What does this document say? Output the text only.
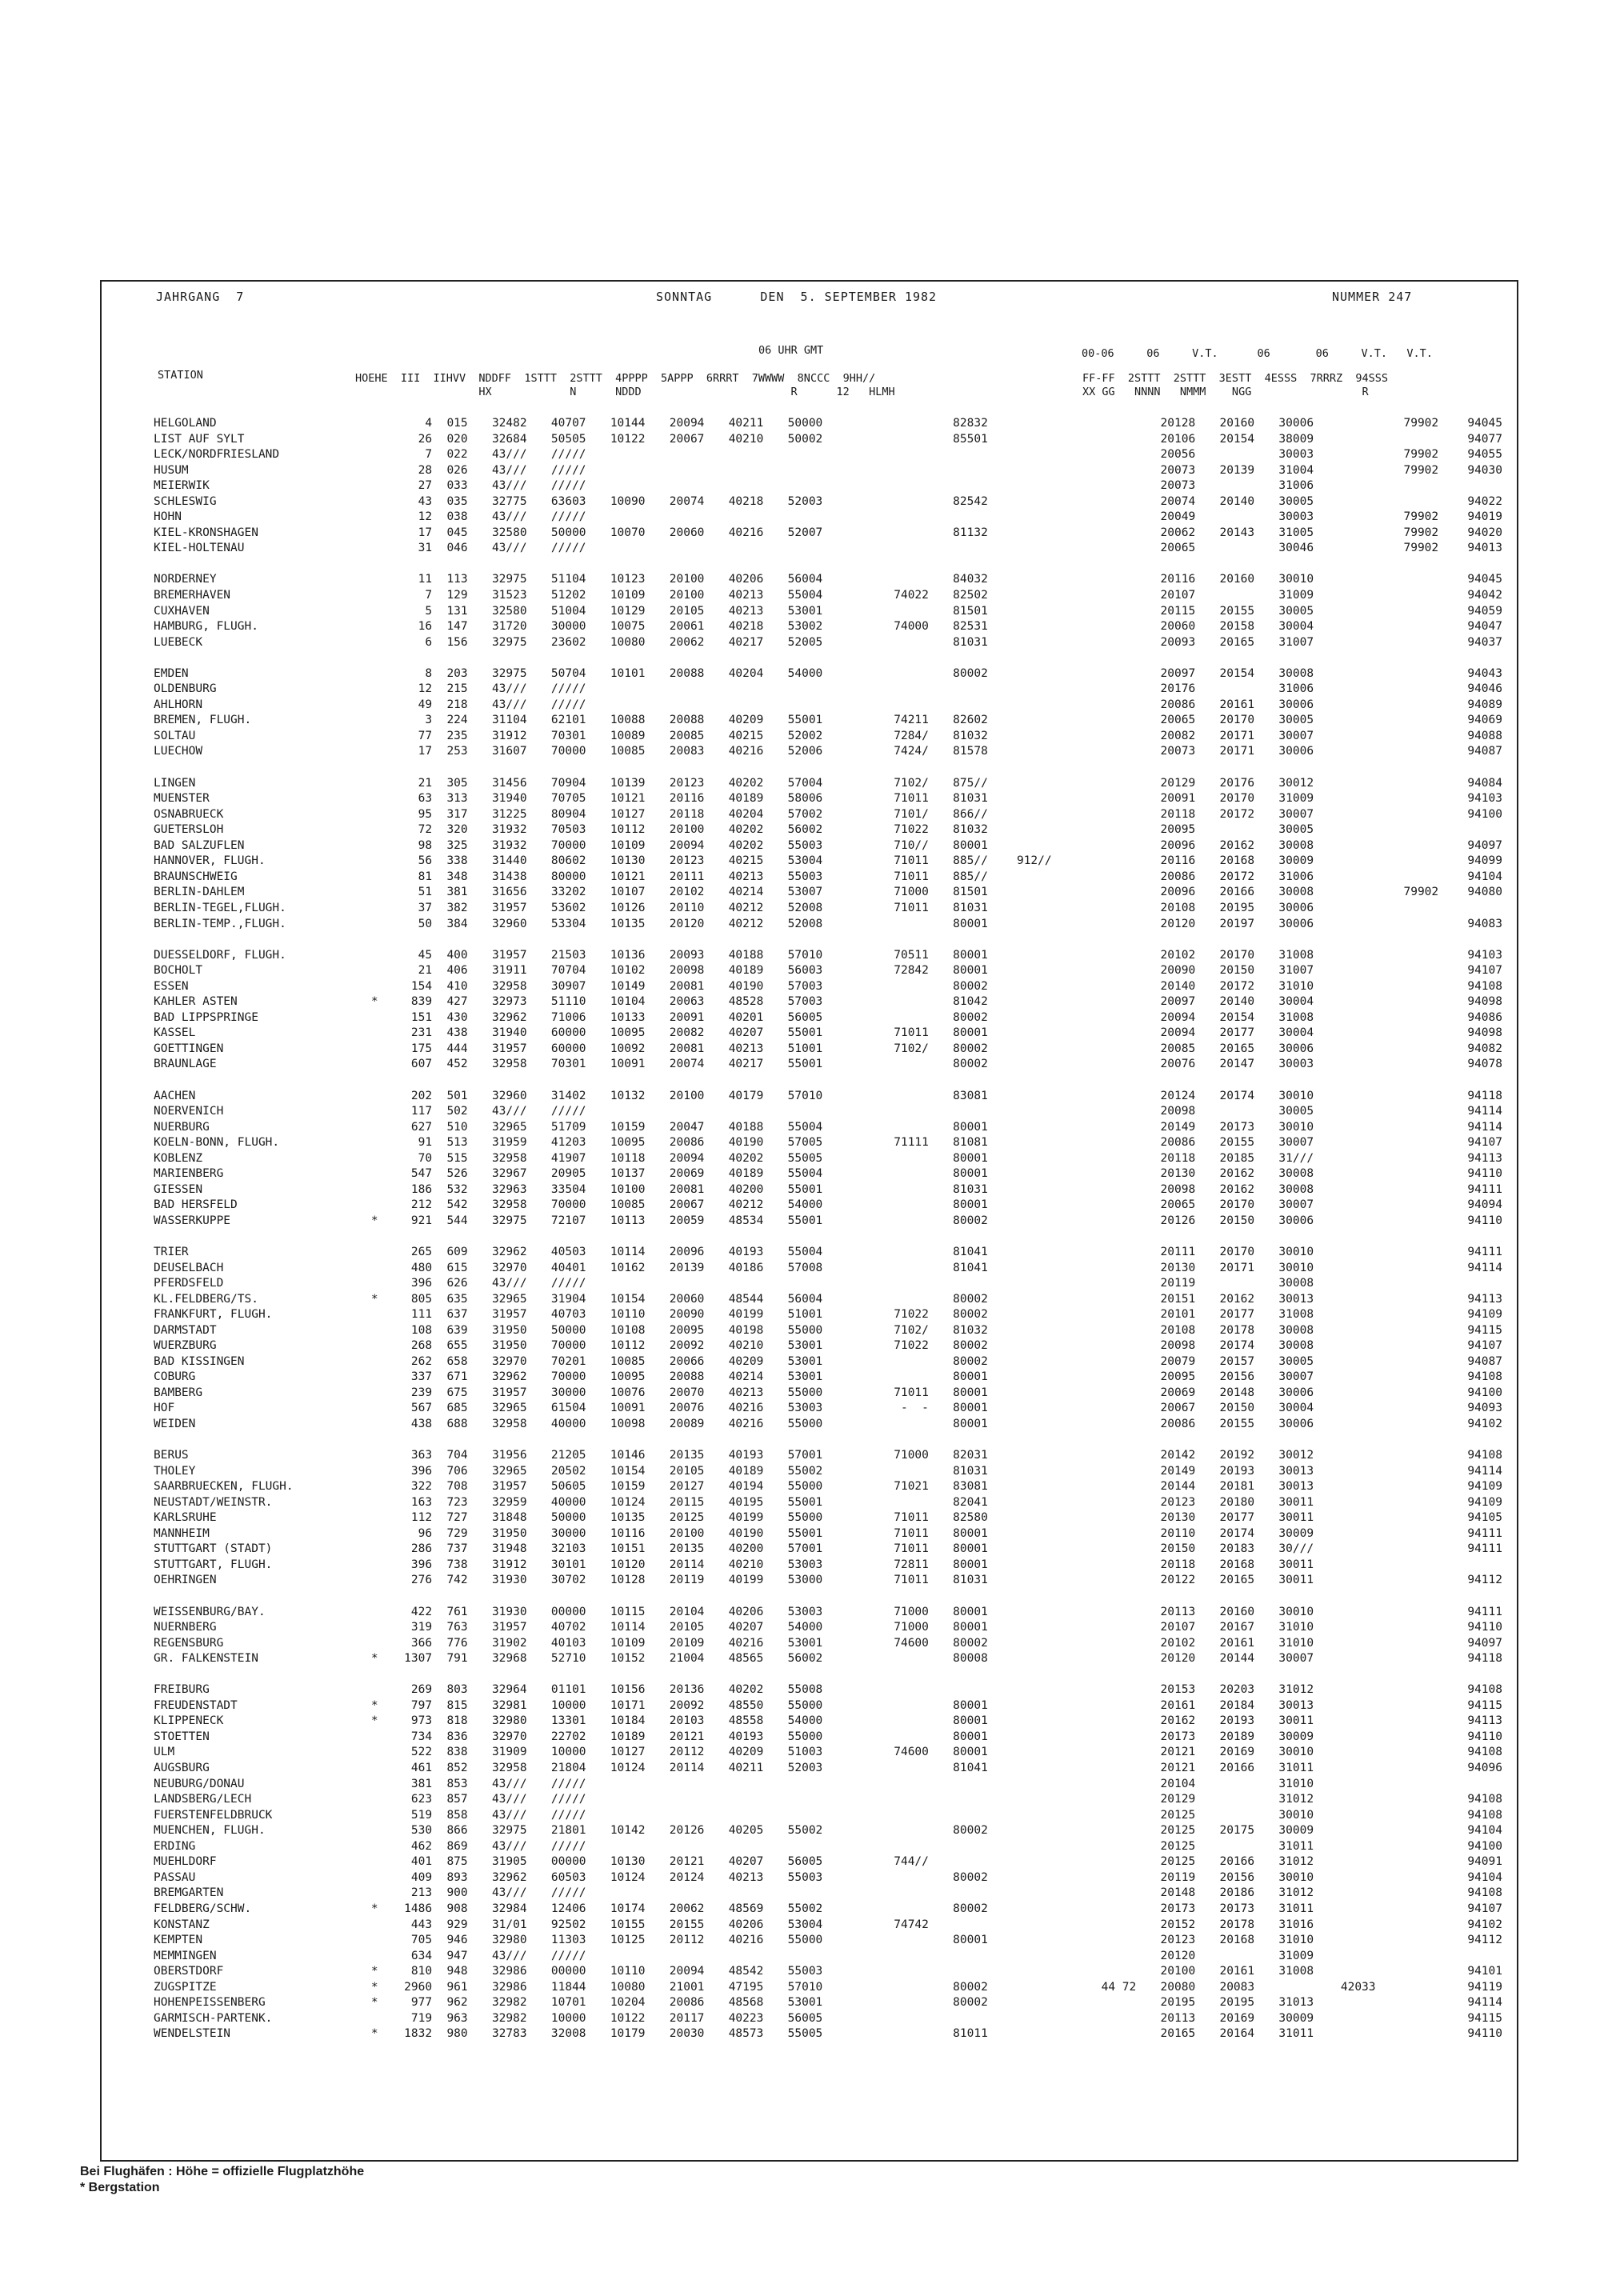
JAHRGANG  7	SONNTAG      DEN  5. SEPTEMBER 1982	NUMMER 247
06 UHR GMT	00-06     06     V.T.      06       06     V.T.   V.T.
STATION	HOEHE  III  IIHVV  NDDFF  1STTT  2STTT  4PPPP  5APPP  6RRRT  7WWWW  8NCCC  9HH//
HX            N      NDDD                       R      12   HLMH
FF-FF  2STTT  2STTT  3ESTT  4ESSS  7RRRZ  94SSS
XX GG   NNNN   NMMM    NGG                 R
HELGOLAND		4	015	32482	40707	10144	20094	40211	50000			82832			20128	20160	30006		79902	94045
LIST AUF SYLT		26	020	32684	50505	10122	20067	40210	50002			85501			20106	20154	38009			94077
LECK/NORDFRIESLAND		7	022	43///	/////										20056		30003		79902	94055
HUSUM		28	026	43///	/////										20073	20139	31004		79902	94030
MEIERWIK		27	033	43///	/////										20073		31006			
SCHLESWIG		43	035	32775	63603	10090	20074	40218	52003			82542			20074	20140	30005			94022
HOHN		12	038	43///	/////										20049		30003		79902	94019
KIEL-KRONSHAGEN		17	045	32580	50000	10070	20060	40216	52007			81132			20062	20143	31005		79902	94020
KIEL-HOLTENAU		31	046	43///	/////										20065		30046		79902	94013

NORDERNEY		11	113	32975	51104	10123	20100	40206	56004			84032			20116	20160	30010			94045
BREMERHAVEN		7	129	31523	51202	10109	20100	40213	55004		74022	82502			20107		31009			94042
CUXHAVEN		5	131	32580	51004	10129	20105	40213	53001			81501			20115	20155	30005			94059
HAMBURG, FLUGH.		16	147	31720	30000	10075	20061	40218	53002		74000	82531			20060	20158	30004			94047
LUEBECK		6	156	32975	23602	10080	20062	40217	52005			81031			20093	20165	31007			94037

EMDEN		8	203	32975	50704	10101	20088	40204	54000			80002			20097	20154	30008			94043
OLDENBURG		12	215	43///	/////										20176		31006			94046
AHLHORN		49	218	43///	/////										20086	20161	30006			94089
BREMEN, FLUGH.		3	224	31104	62101	10088	20088	40209	55001		74211	82602			20065	20170	30005			94069
SOLTAU		77	235	31912	70301	10089	20085	40215	52002		7284/	81032			20082	20171	30007			94088
LUECHOW		17	253	31607	70000	10085	20083	40216	52006		7424/	81578			20073	20171	30006			94087

LINGEN		21	305	31456	70904	10139	20123	40202	57004		7102/	875//			20129	20176	30012			94084
MUENSTER		63	313	31940	70705	10121	20116	40189	58006		71011	81031			20091	20170	31009			94103
OSNABRUECK		95	317	31225	80904	10127	20118	40204	57002		7101/	866//			20118	20172	30007			94100
GUETERSLOH		72	320	31932	70503	10112	20100	40202	56002		71022	81032			20095		30005			
BAD SALZUFLEN		98	325	31932	70000	10109	20094	40202	55003		710//	80001			20096	20162	30008			94097
HANNOVER, FLUGH.		56	338	31440	80602	10130	20123	40215	53004		71011	885//	912//		20116	20168	30009			94099
BRAUNSCHWEIG		81	348	31438	80000	10121	20111	40213	55003		71011	885//			20086	20172	31006			94104
BERLIN-DAHLEM		51	381	31656	33202	10107	20102	40214	53007		71000	81501			20096	20166	30008		79902	94080
BERLIN-TEGEL,FLUGH.		37	382	31957	53602	10126	20110	40212	52008		71011	81031			20108	20195	30006			
BERLIN-TEMP.,FLUGH.		50	384	32960	53304	10135	20120	40212	52008			80001			20120	20197	30006			94083

DUESSELDORF, FLUGH.		45	400	31957	21503	10136	20093	40188	57010		70511	80001			20102	20170	31008			94103
BOCHOLT		21	406	31911	70704	10102	20098	40189	56003		72842	80001			20090	20150	31007			94107
ESSEN		154	410	32958	30907	10149	20081	40190	57003			80002			20140	20172	31010			94108
KAHLER ASTEN	*	839	427	32973	51110	10104	20063	48528	57003			81042			20097	20140	30004			94098
BAD LIPPSPRINGE		151	430	32962	71006	10133	20091	40201	56005			80002			20094	20154	31008			94086
KASSEL		231	438	31940	60000	10095	20082	40207	55001		71011	80001			20094	20177	30004			94098
GOETTINGEN		175	444	31957	60000	10092	20081	40213	51001		7102/	80002			20085	20165	30006			94082
BRAUNLAGE		607	452	32958	70301	10091	20074	40217	55001			80002			20076	20147	30003			94078

AACHEN		202	501	32960	31402	10132	20100	40179	57010			83081			20124	20174	30010			94118
NOERVENICH		117	502	43///	/////										20098		30005			94114
NUERBURG		627	510	32965	51709	10159	20047	40188	55004			80001			20149	20173	30010			94114
KOELN-BONN, FLUGH.		91	513	31959	41203	10095	20086	40190	57005		71111	81081			20086	20155	30007			94107
KOBLENZ		70	515	32958	41907	10118	20094	40202	55005			80001			20118	20185	31///			94113
MARIENBERG		547	526	32967	20905	10137	20069	40189	55004			80001			20130	20162	30008			94110
GIESSEN		186	532	32963	33504	10100	20081	40200	55001			81031			20098	20162	30008			94111
BAD HERSFELD		212	542	32958	70000	10085	20067	40212	54000			80001			20065	20170	30007			94094
WASSERKUPPE	*	921	544	32975	72107	10113	20059	48534	55001			80002			20126	20150	30006			94110

TRIER		265	609	32962	40503	10114	20096	40193	55004			81041			20111	20170	30010			94111
DEUSELBACH		480	615	32970	40401	10162	20139	40186	57008			81041			20130	20171	30010			94114
PFERDSFELD		396	626	43///	/////										20119		30008			
KL.FELDBERG/TS.	*	805	635	32965	31904	10154	20060	48544	56004			80002			20151	20162	30013			94113
FRANKFURT, FLUGH.		111	637	31957	40703	10110	20090	40199	51001		71022	80002			20101	20177	31008			94109
DARMSTADT		108	639	31950	50000	10108	20095	40198	55000		7102/	81032			20108	20178	30008			94115
WUERZBURG		268	655	31950	70000	10112	20092	40210	53001		71022	80002			20098	20174	30008			94107
BAD KISSINGEN		262	658	32970	70201	10085	20066	40209	53001			80002			20079	20157	30005			94087
COBURG		337	671	32962	70000	10095	20088	40214	53001			80001			20095	20156	30007			94108
BAMBERG		239	675	31957	30000	10076	20070	40213	55000		71011	80001			20069	20148	30006			94100
HOF		567	685	32965	61504	10091	20076	40216	53003		-  -	80001			20067	20150	30004			94093
WEIDEN		438	688	32958	40000	10098	20089	40216	55000			80001			20086	20155	30006			94102

BERUS		363	704	31956	21205	10146	20135	40193	57001		71000	82031			20142	20192	30012			94108
THOLEY		396	706	32965	20502	10154	20105	40189	55002			81031			20149	20193	30013			94114
SAARBRUECKEN, FLUGH.		322	708	31957	50605	10159	20127	40194	55000		71021	83081			20144	20181	30013			94109
NEUSTADT/WEINSTR.		163	723	32959	40000	10124	20115	40195	55001			82041			20123	20180	30011			94109
KARLSRUHE		112	727	31848	50000	10135	20125	40199	55000		71011	82580			20130	20177	30011			94105
MANNHEIM		96	729	31950	30000	10116	20100	40190	55001		71011	80001			20110	20174	30009			94111
STUTTGART (STADT)		286	737	31948	32103	10151	20135	40200	57001		71011	80001			20150	20183	30///			94111
STUTTGART, FLUGH.		396	738	31912	30101	10120	20114	40210	53003		72811	80001			20118	20168	30011			
OEHRINGEN		276	742	31930	30702	10128	20119	40199	53000		71011	81031			20122	20165	30011			94112

WEISSENBURG/BAY.		422	761	31930	00000	10115	20104	40206	53003		71000	80001			20113	20160	30010			94111
NUERNBERG		319	763	31957	40702	10114	20105	40207	54000		71000	80001			20107	20167	31010			94110
REGENSBURG		366	776	31902	40103	10109	20109	40216	53001		74600	80002			20102	20161	31010			94097
GR. FALKENSTEIN	*	1307	791	32968	52710	10152	21004	48565	56002			80008			20120	20144	30007			94118

FREIBURG		269	803	32964	01101	10156	20136	40202	55008						20153	20203	31012			94108
FREUDENSTADT	*	797	815	32981	10000	10171	20092	48550	55000			80001			20161	20184	30013			94115
KLIPPENECK	*	973	818	32980	13301	10184	20103	48558	54000			80001			20162	20193	30011			94113
STOETTEN		734	836	32970	22702	10189	20121	40193	55000			80001			20173	20189	30009			94110
ULM		522	838	31909	10000	10127	20112	40209	51003		74600	80001			20121	20169	30010			94108
AUGSBURG		461	852	32958	21804	10124	20114	40211	52003			81041			20121	20166	31011			94096
NEUBURG/DONAU		381	853	43///	/////										20104		31010			
LANDSBERG/LECH		623	857	43///	/////										20129		31012			94108
FUERSTENFELDBRUCK		519	858	43///	/////										20125		30010			94108
MUENCHEN, FLUGH.		530	866	32975	21801	10142	20126	40205	55002			80002			20125	20175	30009			94104
ERDING		462	869	43///	/////										20125		31011			94100
MUEHLDORF		401	875	31905	00000	10130	20121	40207	56005		744//				20125	20166	31012			94091
PASSAU		409	893	32962	60503	10124	20124	40213	55003			80002			20119	20156	30010			94104
BREMGARTEN		213	900	43///	/////										20148	20186	31012			94108
FELDBERG/SCHW.	*	1486	908	32984	12406	10174	20062	48569	55002			80002			20173	20173	31011			94107
KONSTANZ		443	929	31/01	92502	10155	20155	40206	53004		74742				20152	20178	31016			94102
KEMPTEN		705	946	32980	11303	10125	20112	40216	55000			80001			20123	20168	31010			94112
MEMMINGEN		634	947	43///	/////										20120		31009			
OBERSTDORF	*	810	948	32986	00000	10110	20094	48542	55003						20100	20161	31008			94101
ZUGSPITZE	*	2960	961	32986	11844	10080	21001	47195	57010			80002		44 72	20080	20083		42033		94119
HOHENPEISSENBERG	*	977	962	32982	10701	10204	20086	48568	53001			80002			20195	20195	31013			94114
GARMISCH-PARTENK.		719	963	32982	10000	10122	20117	40223	56005						20113	20169	30009			94115
WENDELSTEIN	*	1832	980	32783	32008	10179	20030	48573	55005			81011			20165	20164	31011			94110
Bei Flughäfen : Höhe = offizielle Flugplatzhöhe
* Bergstation
